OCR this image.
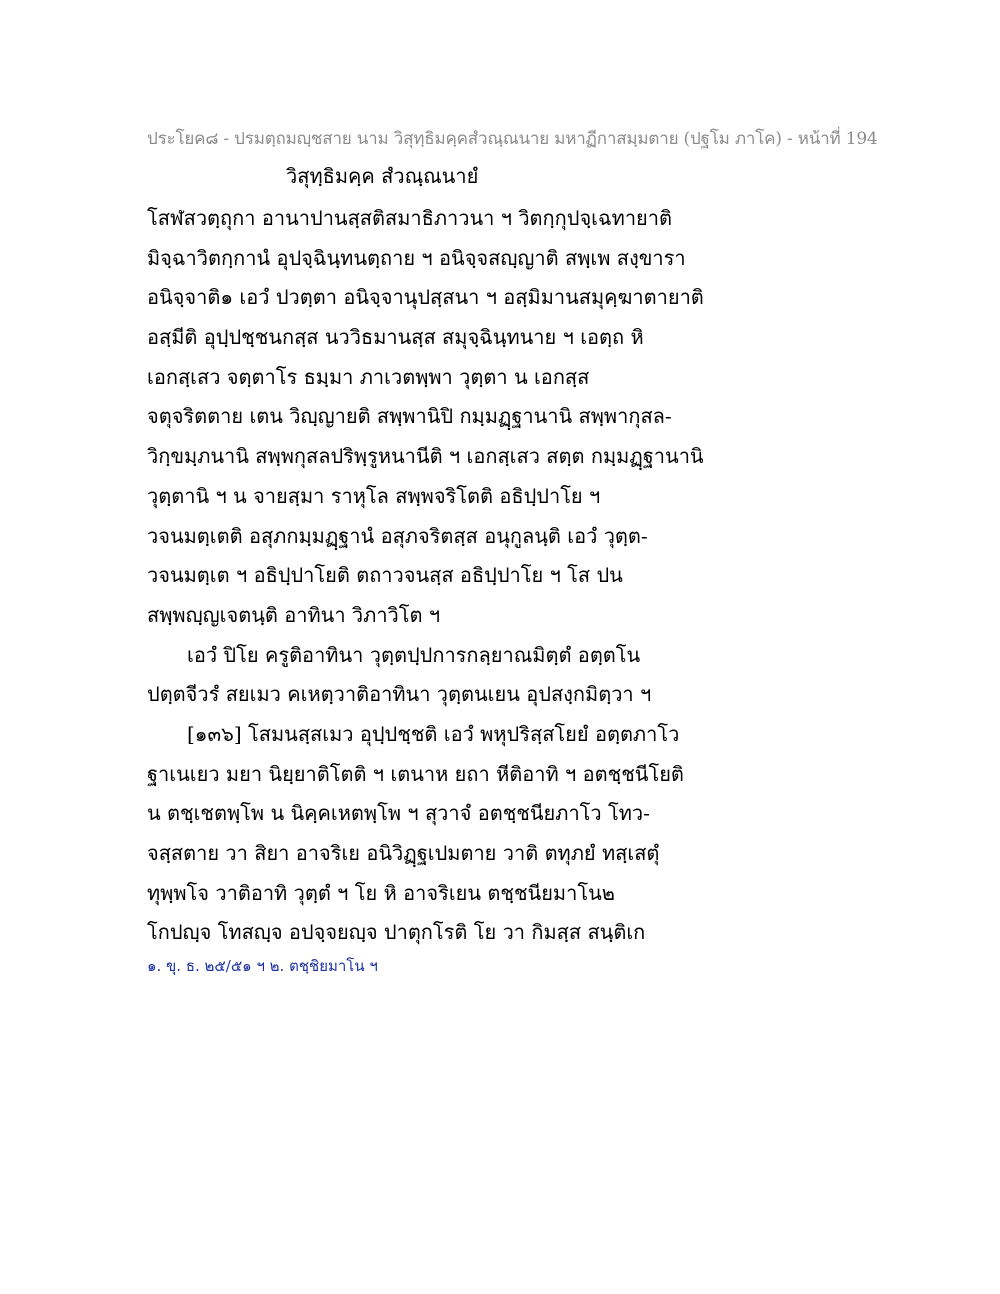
ประโยค๘ - ปรมตฺถมญฺชสาย นาม วิสุทฺธิมคฺคสํวณฺณนาย มหาฏีกาสมฺมตาย (ปฐโม ภาโค) - หน้าที่ 194
วิสุทฺธิมคฺค สํวณฺณนายํ
โสฬสวตฺถุกา อานาปานสฺสติสมาธิภาวนา ฯ วิตกฺกุปจฺเฉทายาติ
มิจฺฉาวิตกฺกานํ อุปจฺฉินฺทนตฺถาย ฯ อนิจฺจสญฺญาติ สพฺเพ สงฺขารา
อนิจฺจาติ๑ เอวํ ปวตฺตา อนิจฺจานุปสฺสนา ฯ อสฺมิมานสมุคฺฆาตายาติ
อสฺมีติ อุปฺปชฺชนกสฺส นววิธมานสฺส สมุจฺฉินฺทนาย ฯ เอตฺถ หิ
เอกสฺเสว จตฺตาโร ธมฺมา ภาเวตพฺพา วุตฺตา น เอกสฺส
จตุจริตตาย เตน วิญฺญายติ สพฺพานิปิ กมฺมฏฺฐานานิ สพฺพากุสล-
วิกฺขมฺภนานิ สพฺพกุสลปริพฺรูหนานีติ ฯ เอกสฺเสว สตฺต กมฺมฏฺฐานานิ
วุตฺตานิ ฯ น จายสฺมา ราหุโล สพฺพจริโตติ อธิปฺปาโย ฯ
วจนมตฺเตติ อสุภกมฺมฏฺฐานํ อสุภจริตสฺส อนุกูลนฺติ เอวํ วุตฺต-
วจนมตฺเต ฯ อธิปฺปาโยติ ตถาวจนสฺส อธิปฺปาโย ฯ โส ปน
สพฺพญฺญเจตนฺติ อาทินา วิภาวิโต ฯ
เอวํ ปิโย ครูติอาทินา วุตฺตปฺปการกลฺยาณมิตฺตํ อตฺตโน
ปตฺตจีวรํ สยเมว คเหตฺวาติอาทินา วุตฺตนเยน อุปสงฺกมิตฺวา ฯ
[๑๓๖] โสมนสฺสเมว อุปฺปชฺชติ เอวํ พหุปริสฺสโยยํ อตฺตภาโว
ฐาเนเยว มยา นิยฺยาติโตติ ฯ เตนาห ยถา หีติอาทิ ฯ อตชฺชนีโยติ
น ตชฺเชตพฺโพ น นิคฺคเหตพฺโพ ฯ สุวาจํ อตชฺชนียภาโว โทว-
จสฺสตาย วา สิยา อาจริเย อนิวิฏฺฐเปมตาย วาติ ตทุภยํ ทสฺเสตุํ
ทุพฺพโจ วาติอาทิ วุตฺตํ ฯ โย หิ อาจริเยน ตชฺชนียมาโน๒
โกปญฺจ โทสญฺจ อปจฺจยญฺจ ปาตุกโรติ โย วา กิมสฺส สนฺติเก
๑. ขุ. ธ. ๒๕/๕๑ ฯ ๒. ตชฺชิยมาโน ฯ
